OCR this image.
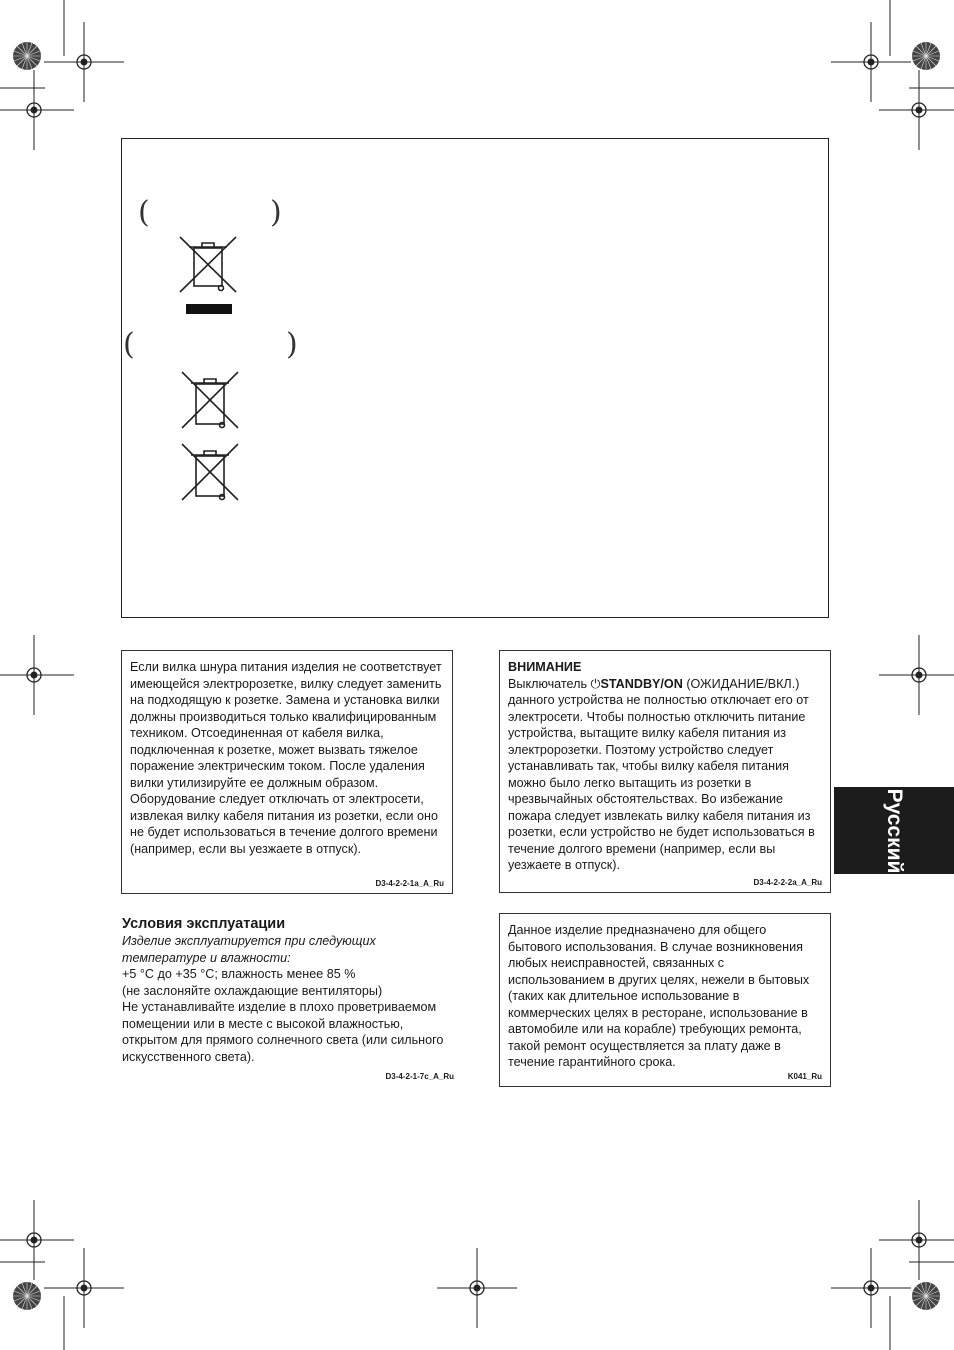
(	)
(	)
Если вилка шнура питания изделия не соответствует имеющейся электророзетке, вилку следует заменить на подходящую к розетке. Замена и установка вилки должны производиться только квалифицированным техником. Отсоединенная от кабеля вилка, подключенная к розетке, может вызвать тяжелое поражение электрическим током. После удаления вилки утилизируйте ее должным образом. Оборудование следует отключать от электросети, извлекая вилку кабеля питания из розетки, если оно не будет использоваться в течение долгого времени (например, если вы уезжаете в отпуск).
D3-4-2-2-1a_A_Ru
ВНИМАНИЕ
Выключатель ⏻STANDBY/ON (ОЖИДАНИЕ/ВКЛ.)
данного устройства не полностью отключает его от электросети. Чтобы полностью отключить питание устройства, вытащите вилку кабеля питания из электророзетки. Поэтому устройство следует устанавливать так, чтобы вилку кабеля питания можно было легко вытащить из розетки в чрезвычайных обстоятельствах. Во избежание пожара следует извлекать вилку кабеля питания из розетки, если устройство не будет использоваться в течение долгого времени (например, если вы уезжаете в отпуск).
D3-4-2-2-2a_A_Ru
Русский
Условия эксплуатации
Изделие эксплуатируется при следующих температуре и влажности:
+5 °C до +35 °C; влажность менее 85 %
(не заслоняйте охлаждающие вентиляторы)
Не устанавливайте изделие в плохо проветриваемом помещении или в месте с высокой влажностью, открытом для прямого солнечного света (или сильного искусственного света).
D3-4-2-1-7c_A_Ru
Данное изделие предназначено для общего бытового использования. В случае возникновения любых неисправностей, связанных с использованием в других целях, нежели в бытовых (таких как длительное использование в коммерческих целях в ресторане, использование в автомобиле или на корабле) требующих ремонта, такой ремонт осуществляется за плату даже в течение гарантийного срока.
K041_Ru
